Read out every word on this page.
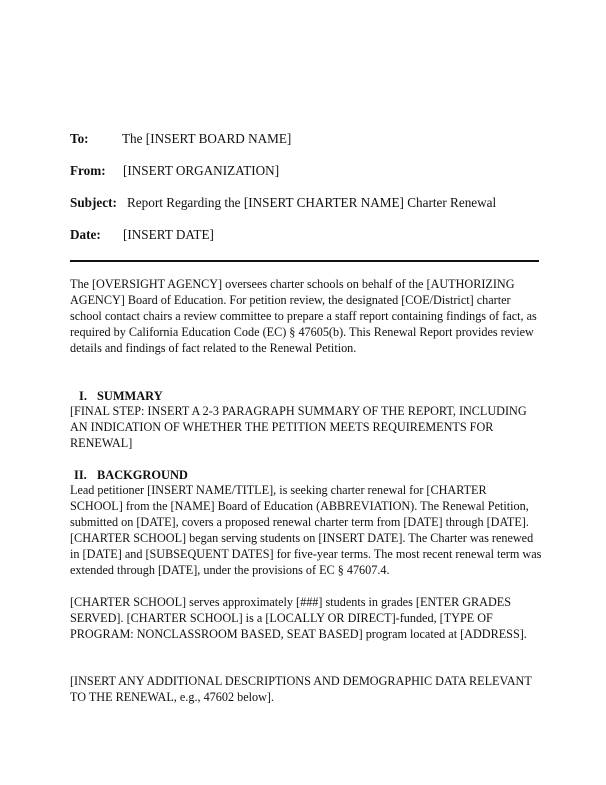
To:	The [INSERT BOARD NAME]
From: [INSERT ORGANIZATION]
Subject: Report Regarding the [INSERT CHARTER NAME] Charter Renewal
Date: [INSERT DATE]

The [OVERSIGHT AGENCY] oversees charter schools on behalf of the [AUTHORIZING AGENCY] Board of Education. For petition review, the designated [COE/District] charter school contact chairs a review committee to prepare a staff report containing findings of fact, as required by California Education Code (EC) § 47605(b). This Renewal Report provides review details and findings of fact related to the Renewal Petition.

I. SUMMARY

[FINAL STEP: INSERT A 2-3 PARAGRAPH SUMMARY OF THE REPORT, INCLUDING AN INDICATION OF WHETHER THE PETITION MEETS REQUIREMENTS FOR RENEWAL]

II. BACKGROUND

Lead petitioner [INSERT NAME/TITLE], is seeking charter renewal for [CHARTER SCHOOL] from the [NAME] Board of Education (ABBREVIATION). The Renewal Petition, submitted on [DATE], covers a proposed renewal charter term from [DATE] through [DATE]. [CHARTER SCHOOL] began serving students on [INSERT DATE]. The Charter was renewed in [DATE] and [SUBSEQUENT DATES] for five-year terms. The most recent renewal term was extended through [DATE], under the provisions of EC § 47607.4.

[CHARTER SCHOOL] serves approximately [###] students in grades [ENTER GRADES SERVED]. [CHARTER SCHOOL] is a [LOCALLY OR DIRECT]-funded, [TYPE OF PROGRAM: NONCLASSROOM BASED, SEAT BASED] program located at [ADDRESS].

[INSERT ANY ADDITIONAL DESCRIPTIONS AND DEMOGRAPHIC DATA RELEVANT TO THE RENEWAL, e.g., 47602 below].
